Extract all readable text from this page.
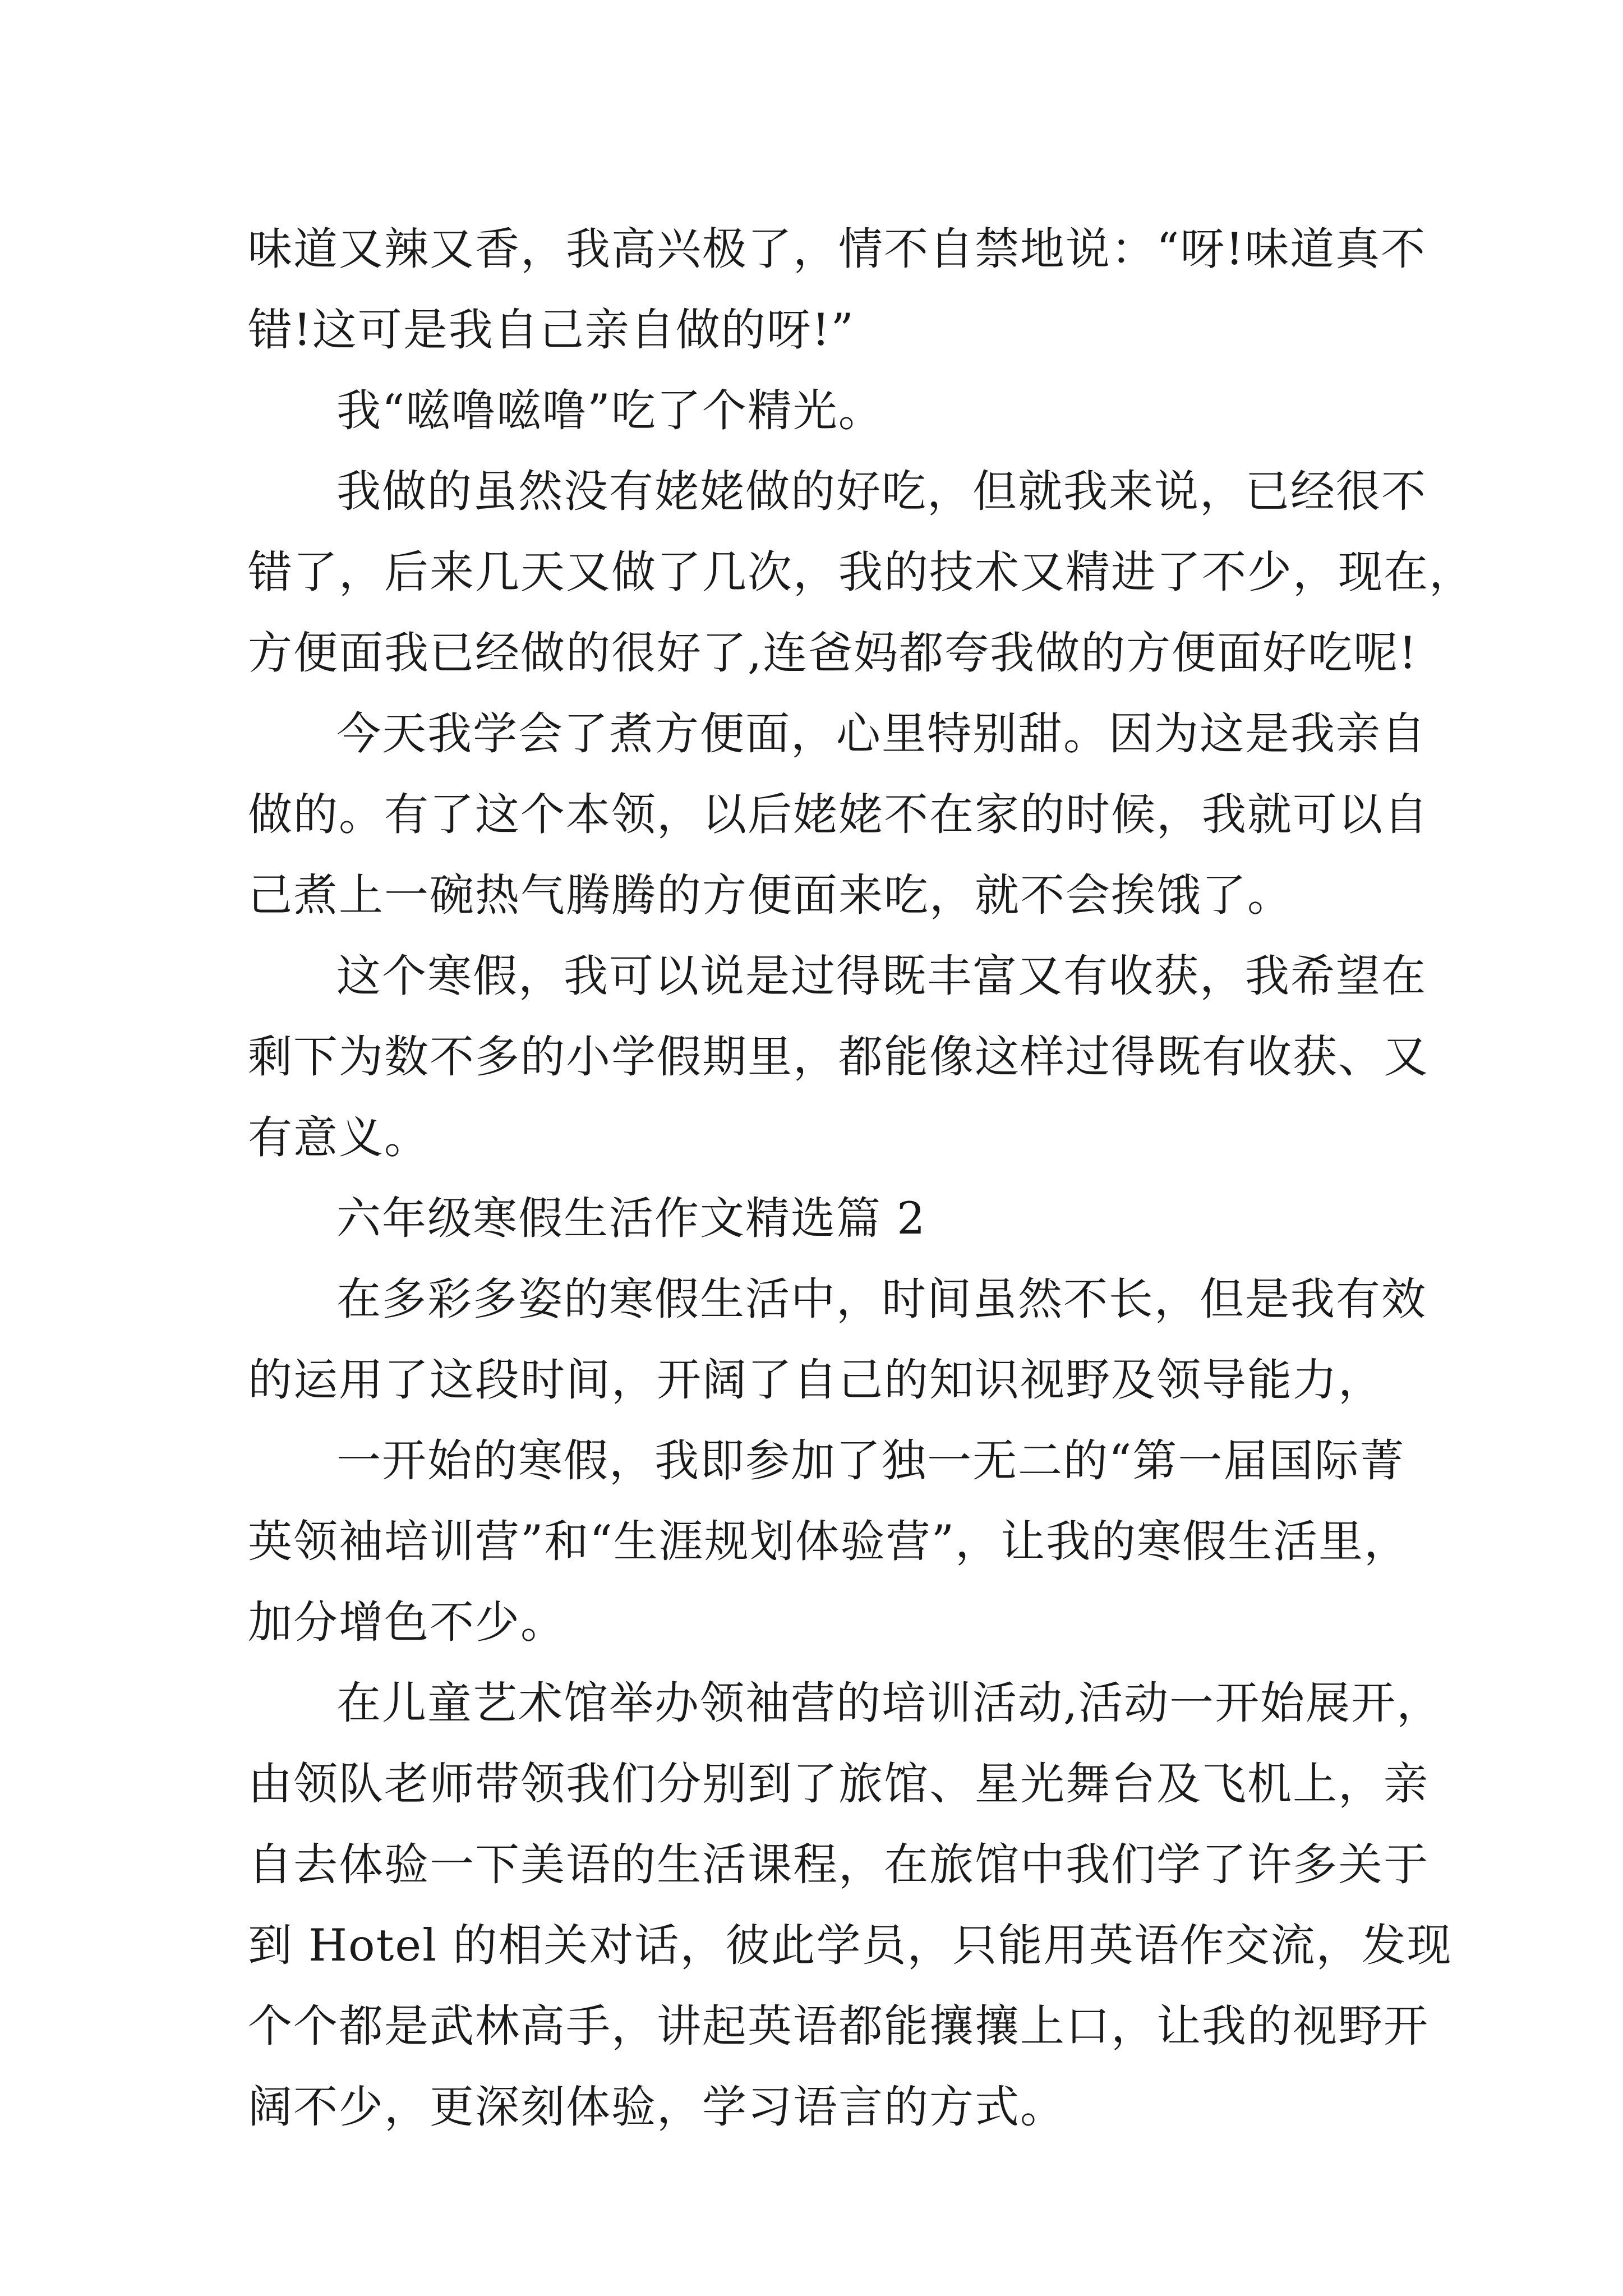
味道又辣又香，我高兴极了，情不自禁地说：“呀!味道真不
错!这可是我自己亲自做的呀!”

我“嗞噜嗞噜”吃了个精光。

我做的虽然没有姥姥做的好吃，但就我来说，已经很不
错了，后来几天又做了几次，我的技术又精进了不少，现在，
方便面我已经做的很好了,连爸妈都夸我做的方便面好吃呢!

今天我学会了煮方便面，心里特别甜。因为这是我亲自
做的。有了这个本领，以后姥姥不在家的时候，我就可以自
己煮上一碗热气腾腾的方便面来吃，就不会挨饿了。

这个寒假，我可以说是过得既丰富又有收获，我希望在
剩下为数不多的小学假期里，都能像这样过得既有收获、又
有意义。

六年级寒假生活作文精选篇 2

在多彩多姿的寒假生活中，时间虽然不长，但是我有效
的运用了这段时间，开阔了自己的知识视野及领导能力，

一开始的寒假，我即参加了独一无二的“第一届国际菁
英领袖培训营”和“生涯规划体验营”，让我的寒假生活里，
加分增色不少。

在儿童艺术馆举办领袖营的培训活动,活动一开始展开，
由领队老师带领我们分别到了旅馆、星光舞台及飞机上，亲
自去体验一下美语的生活课程，在旅馆中我们学了许多关于
到 Hotel 的相关对话，彼此学员，只能用英语作交流，发现
个个都是武林高手，讲起英语都能攘攘上口，让我的视野开
阔不少，更深刻体验，学习语言的方式。
